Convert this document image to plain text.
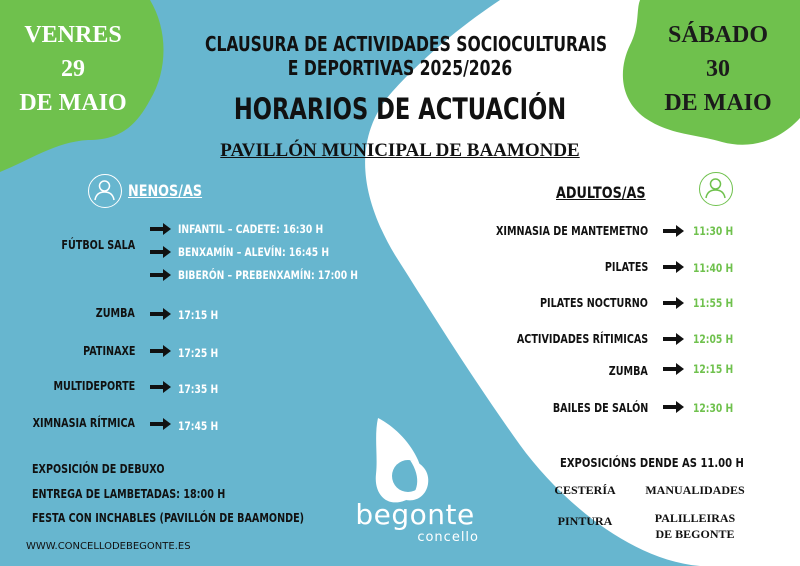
VENRES
29
DE MAIO
SÁBADO
30
DE MAIO
CLAUSURA DE ACTIVIDADES SOCIOCULTURAIS
E DEPORTIVAS 2025/2026
HORARIOS DE ACTUACIÓN
PAVILLÓN MUNICIPAL DE BAAMONDE
NENOS/AS
FÚTBOL SALA
INFANTIL – CADETE: 16:30 H
BENXAMÍN – ALEVÍN: 16:45 H
BIBERÓN – PREBENXAMÍN: 17:00 H
ZUMBA	17:15 H
PATINAXE	17:25 H
MULTIDEPORTE	17:35 H
XIMNASIA RÍTMICA	17:45 H
EXPOSICIÓN DE DEBUXO
ENTREGA DE LAMBETADAS: 18:00 H
FESTA CON INCHABLES (PAVILLÓN DE BAAMONDE)
WWW.CONCELLODEBEGONTE.ES
ADULTOS/AS
XIMNASIA DE MANTEMETNO	11:30 H
PILATES	11:40 H
PILATES NOCTURNO	11:55 H
ACTIVIDADES RÍTIMICAS	12:05 H
ZUMBA	12:15 H
BAILES DE SALÓN	12:30 H
EXPOSICIÓNS DENDE AS 11.00 H
CESTERÍA	MANUALIDADES
PINTURA	PALILLEIRAS DE BEGONTE
begonte
concello
